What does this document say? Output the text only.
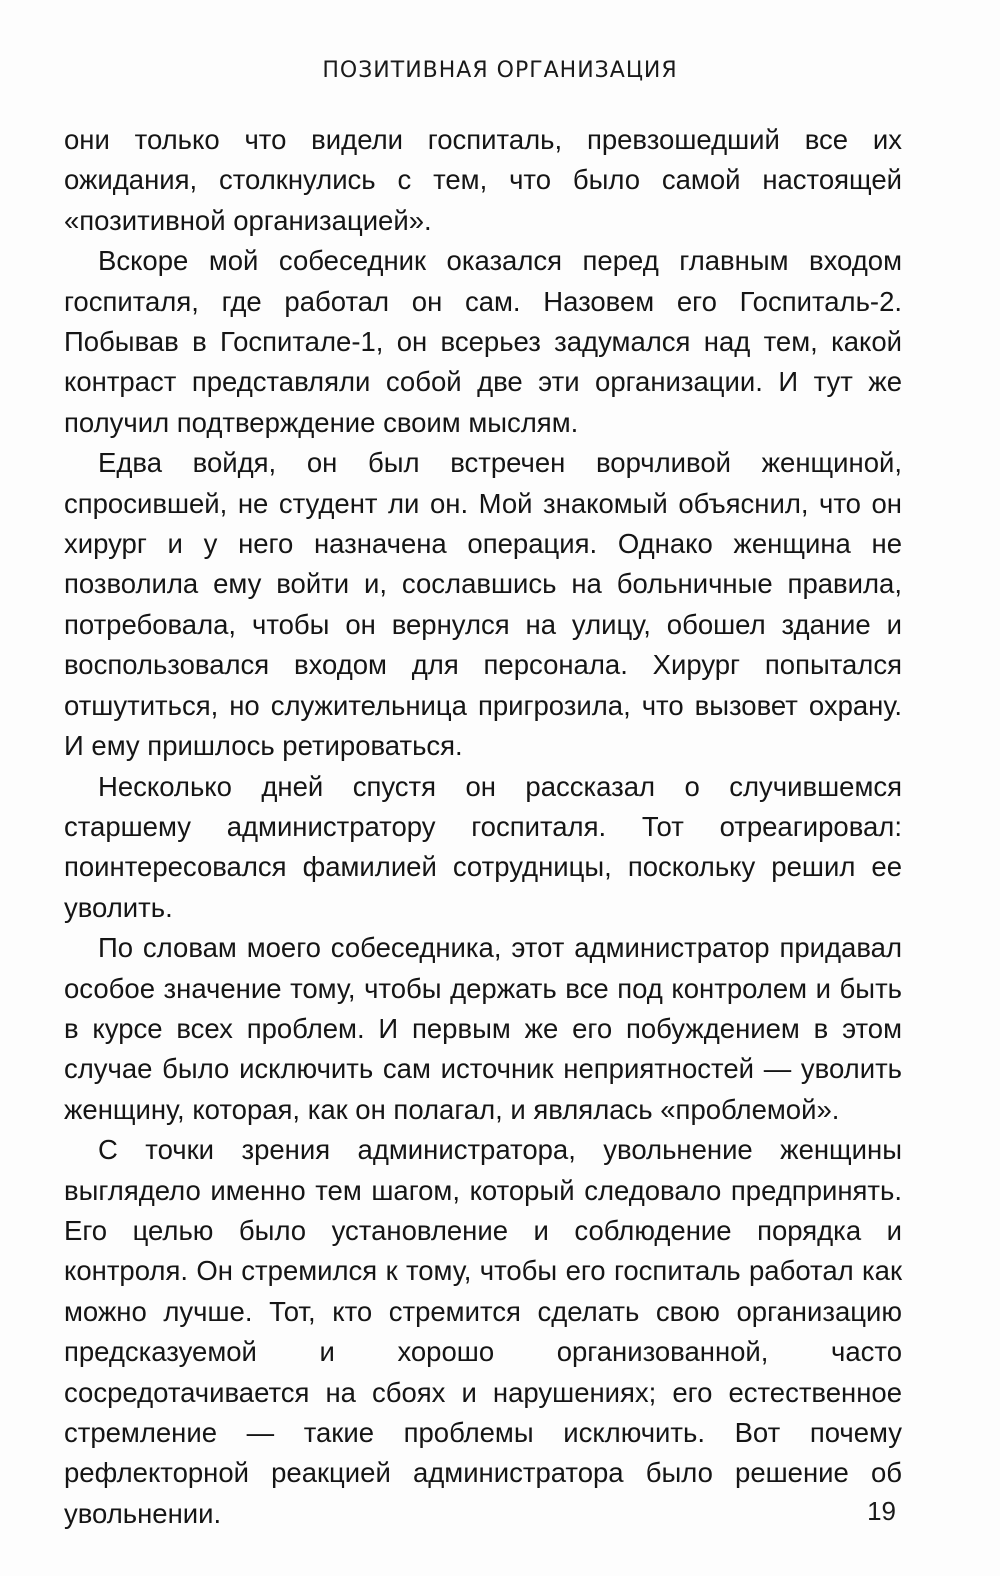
ПОЗИТИВНАЯ ОРГАНИЗАЦИЯ

они только что видели госпиталь, превзошедший все их ожидания, столкнулись с тем, что было самой настоящей «позитивной организацией».

Вскоре мой собеседник оказался перед главным входом госпиталя, где работал он сам. Назовем его Госпиталь-2. Побывав в Госпитале-1, он всерьез задумался над тем, какой контраст представляли собой две эти организации. И тут же получил подтверждение своим мыслям.

Едва войдя, он был встречен ворчливой женщиной, спросившей, не студент ли он. Мой знакомый объяснил, что он хирург и у него назначена операция. Однако женщина не позволила ему войти и, сославшись на больничные правила, потребовала, чтобы он вернулся на улицу, обошел здание и воспользовался входом для персонала. Хирург попытался отшутиться, но служительница пригрозила, что вызовет охрану. И ему пришлось ретироваться.

Несколько дней спустя он рассказал о случившемся старшему администратору госпиталя. Тот отреагировал: поинтересовался фамилией сотрудницы, поскольку решил ее уволить.

По словам моего собеседника, этот администратор придавал особое значение тому, чтобы держать все под контролем и быть в курсе всех проблем. И первым же его побуждением в этом случае было исключить сам источник неприятностей — уволить женщину, которая, как он полагал, и являлась «проблемой».

С точки зрения администратора, увольнение женщины выглядело именно тем шагом, который следовало предпринять. Его целью было установление и соблюдение порядка и контроля. Он стремился к тому, чтобы его госпиталь работал как можно лучше. Тот, кто стремится сделать свою организацию предсказуемой и хорошо организованной, часто сосредотачивается на сбоях и нарушениях; его естественное стремление — такие проблемы исключить. Вот почему рефлекторной реакцией администратора было решение об увольнении.	19
